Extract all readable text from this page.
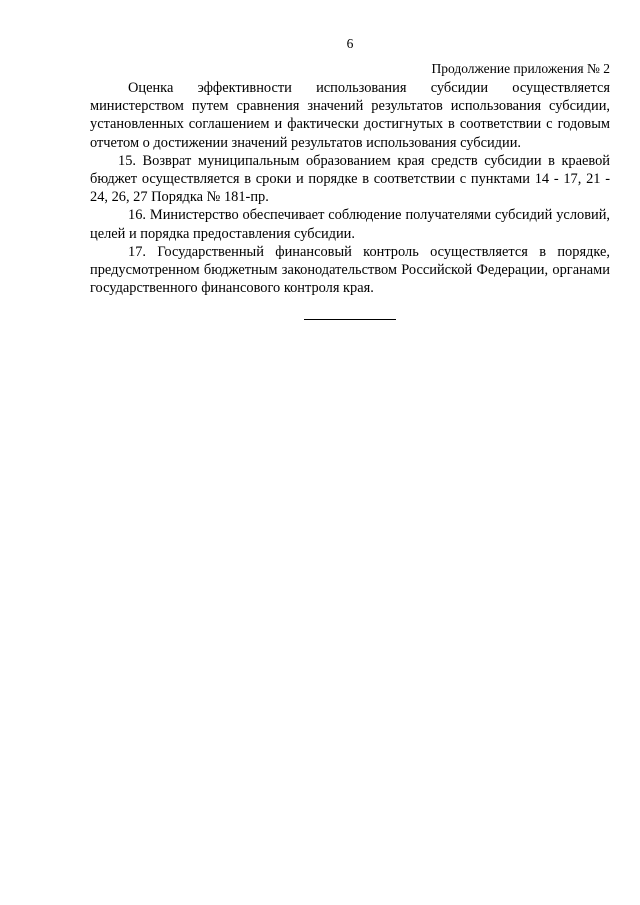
6
Продолжение приложения № 2

Оценка эффективности использования субсидии осуществляется министерством путем сравнения значений результатов использования субсидии, установленных соглашением и фактически достигнутых в соответствии с годовым отчетом о достижении значений результатов использования субсидии.

15. Возврат муниципальным образованием края средств субсидии в краевой бюджет осуществляется в сроки и порядке в соответствии с пунктами 14 - 17, 21 - 24, 26, 27 Порядка № 181-пр.

16. Министерство обеспечивает соблюдение получателями субсидий условий, целей и порядка предоставления субсидии.

17. Государственный финансовый контроль осуществляется в порядке, предусмотренном бюджетным законодательством Российской Федерации, органами государственного финансового контроля края.
